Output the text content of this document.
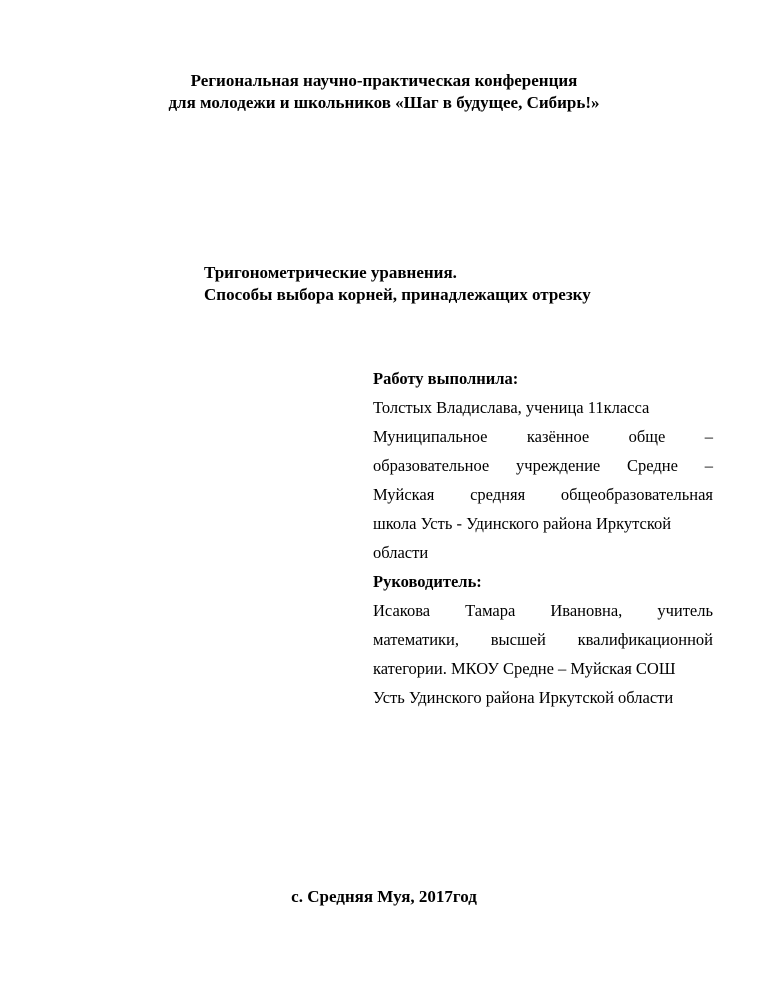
Региональная научно-практическая конференция
для молодежи и школьников «Шаг в будущее, Сибирь!»
Тригонометрические уравнения.
Способы выбора корней, принадлежащих отрезку
Работу выполнила:
Толстых Владислава, ученица 11класса
Муниципальное казённое обще –
образовательное учреждение Средне –
Муйская средняя общеобразовательная
школа Усть - Удинского района Иркутской
области
Руководитель:
Исакова Тамара Ивановна, учитель
математики, высшей квалификационной
категории. МКОУ Средне – Муйская СОШ
Усть Удинского района Иркутской области
с. Средняя Муя, 2017год
